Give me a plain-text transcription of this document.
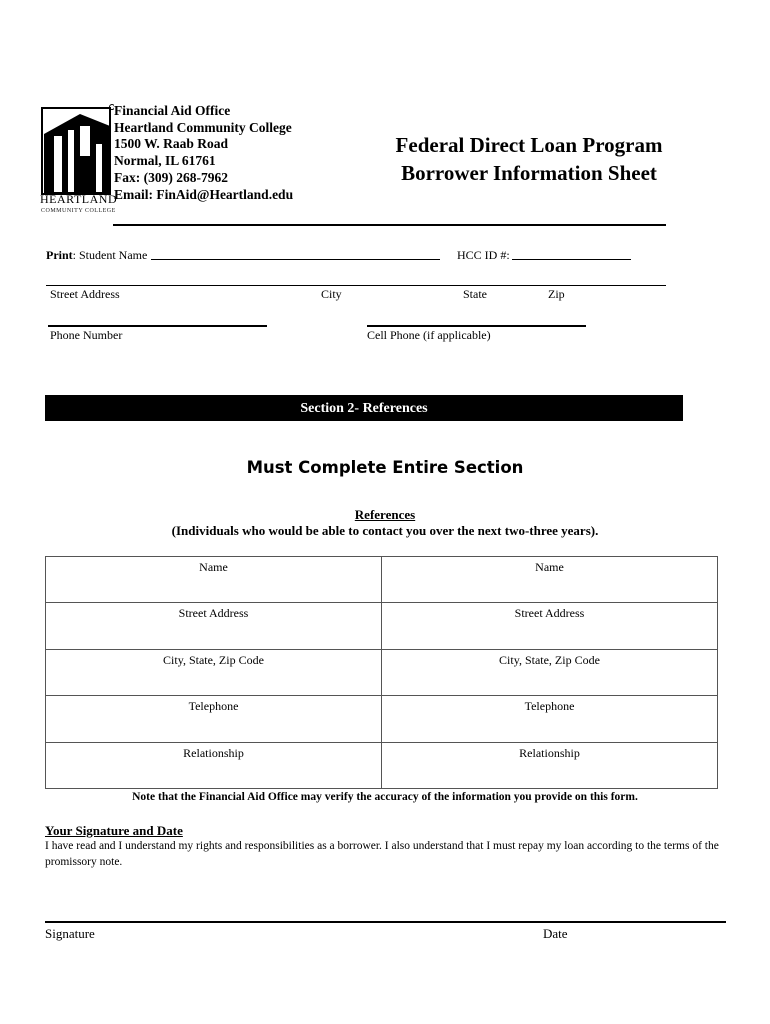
HEARTLAND
COMMUNITY COLLEGE
Financial Aid Office
Heartland Community College
1500 W. Raab Road
Normal, IL 61761
Fax: (309) 268-7962
Email: FinAid@Heartland.edu
Federal Direct Loan Program
Borrower Information Sheet
Print: Student Name	HCC ID #:
Street Address	City	State	Zip
Phone Number	Cell Phone (if applicable)
Section 2- References
Must Complete Entire Section
References
(Individuals who would be able to contact you over the next two-three years).
Name	Name
Street Address	Street Address
City, State, Zip Code	City, State, Zip Code
Telephone	Telephone
Relationship	Relationship
Note that the Financial Aid Office may verify the accuracy of the information you provide on this form.
Your Signature and Date
I have read and I understand my rights and responsibilities as a borrower. I also understand that I must repay my loan according to the terms of the promissory note.
Signature	Date
